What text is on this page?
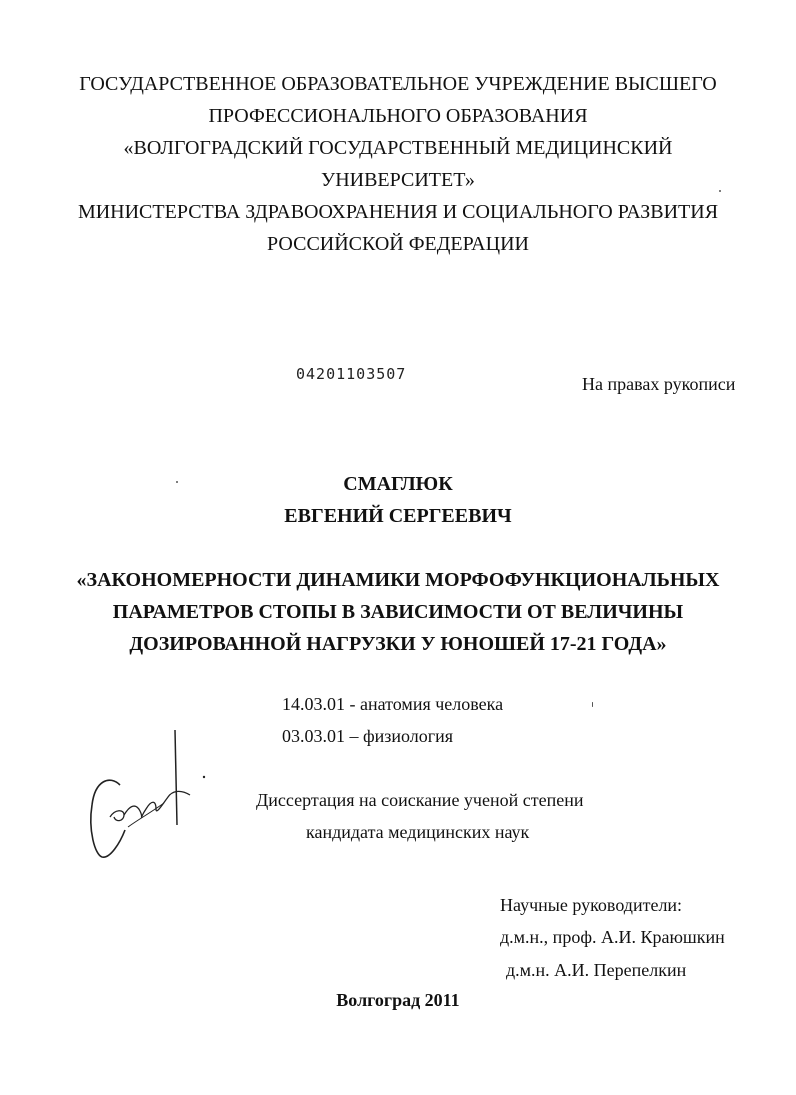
ГОСУДАРСТВЕННОЕ ОБРАЗОВАТЕЛЬНОЕ УЧРЕЖДЕНИЕ ВЫСШЕГО
ПРОФЕССИОНАЛЬНОГО ОБРАЗОВАНИЯ
«ВОЛГОГРАДСКИЙ ГОСУДАРСТВЕННЫЙ МЕДИЦИНСКИЙ
УНИВЕРСИТЕТ»
МИНИСТЕРСТВА ЗДРАВООХРАНЕНИЯ И СОЦИАЛЬНОГО РАЗВИТИЯ
РОССИЙСКОЙ ФЕДЕРАЦИИ
04201103507	На правах рукописи
СМАГЛЮК
ЕВГЕНИЙ СЕРГЕЕВИЧ
«ЗАКОНОМЕРНОСТИ ДИНАМИКИ МОРФОФУНКЦИОНАЛЬНЫХ
ПАРАМЕТРОВ СТОПЫ В ЗАВИСИМОСТИ ОТ ВЕЛИЧИНЫ
ДОЗИРОВАННОЙ НАГРУЗКИ У ЮНОШЕЙ 17-21 ГОДА»
14.03.01 - анатомия человека
03.03.01 – физиология
Диссертация на соискание ученой степени
кандидата медицинских наук
Научные руководители:
д.м.н., проф. А.И. Краюшкин
д.м.н. А.И. Перепелкин
Волгоград 2011
